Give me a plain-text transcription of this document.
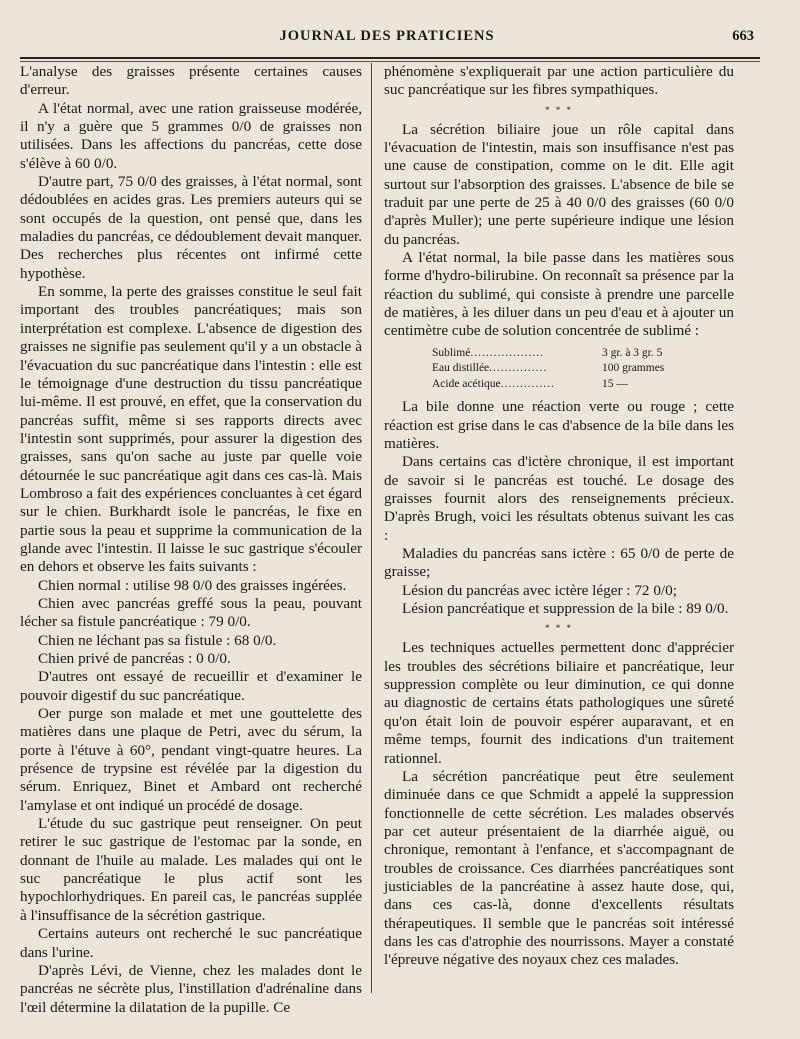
JOURNAL DES PRATICIENS	663

L'analyse des graisses présente certaines causes d'erreur.

A l'état normal, avec une ration graisseuse modérée, il n'y a guère que 5 grammes 0/0 de graisses non utilisées. Dans les affections du pancréas, cette dose s'élève à 60 0/0.

D'autre part, 75 0/0 des graisses, à l'état normal, sont dédoublées en acides gras. Les premiers auteurs qui se sont occupés de la question, ont pensé que, dans les maladies du pancréas, ce dédoublement devait manquer. Des recherches plus récentes ont infirmé cette hypothèse.

En somme, la perte des graisses constitue le seul fait important des troubles pancréatiques; mais son interprétation est complexe. L'absence de digestion des graisses ne signifie pas seulement qu'il y a un obstacle à l'évacuation du suc pancréatique dans l'intestin : elle est le témoignage d'une destruction du tissu pancréatique lui-même. Il est prouvé, en effet, que la conservation du pancréas suffit, même si ses rapports directs avec l'intestin sont supprimés, pour assurer la digestion des graisses, sans qu'on sache au juste par quelle voie détournée le suc pancréatique agit dans ces cas-là. Mais Lombroso a fait des expériences concluantes à cet égard sur le chien. Burkhardt isole le pancréas, le fixe en partie sous la peau et supprime la communication de la glande avec l'intestin. Il laisse le suc gastrique s'écouler en dehors et observe les faits suivants :

Chien normal : utilise 98 0/0 des graisses ingérées.

Chien avec pancréas greffé sous la peau, pouvant lécher sa fistule pancréatique : 79 0/0.

Chien ne léchant pas sa fistule : 68 0/0.

Chien privé de pancréas : 0 0/0.

D'autres ont essayé de recueillir et d'examiner le pouvoir digestif du suc pancréatique.

Oer purge son malade et met une gouttelette des matières dans une plaque de Petri, avec du sérum, la porte à l'étuve à 60°, pendant vingt-quatre heures. La présence de trypsine est révélée par la digestion du sérum. Enriquez, Binet et Ambard ont recherché l'amylase et ont indiqué un procédé de dosage.

L'étude du suc gastrique peut renseigner. On peut retirer le suc gastrique de l'estomac par la sonde, en donnant de l'huile au malade. Les malades qui ont le suc pancréatique le plus actif sont les hypochlorhydriques. En pareil cas, le pancréas supplée à l'insuffisance de la sécrétion gastrique.

Certains auteurs ont recherché le suc pancréatique dans l'urine.

D'après Lévi, de Vienne, chez les malades dont le pancréas ne sécrète plus, l'instillation d'adrénaline dans l'œil détermine la dilatation de la pupille. Ce

phénomène s'expliquerait par une action particulière du suc pancréatique sur les fibres sympathiques.

* * *

La sécrétion biliaire joue un rôle capital dans l'évacuation de l'intestin, mais son insuffisance n'est pas une cause de constipation, comme on le dit. Elle agit surtout sur l'absorption des graisses. L'absence de bile se traduit par une perte de 25 à 40 0/0 des graisses (60 0/0 d'après Muller); une perte supérieure indique une lésion du pancréas.

A l'état normal, la bile passe dans les matières sous forme d'hydro-bilirubine. On reconnaît sa présence par la réaction du sublimé, qui consiste à prendre une parcelle de matières, à les diluer dans un peu d'eau et à ajouter un centimètre cube de solution concentrée de sublimé :

Sublimé...................	3 gr. à 3 gr. 5
Eau distillée...............	100 grammes
Acide acétique..............	15 —

La bile donne une réaction verte ou rouge ; cette réaction est grise dans le cas d'absence de la bile dans les matières.

Dans certains cas d'ictère chronique, il est important de savoir si le pancréas est touché. Le dosage des graisses fournit alors des renseignements précieux. D'après Brugh, voici les résultats obtenus suivant les cas :

Maladies du pancréas sans ictère : 65 0/0 de perte de graisse;

Lésion du pancréas avec ictère léger : 72 0/0;

Lésion pancréatique et suppression de la bile : 89 0/0.

* * *

Les techniques actuelles permettent donc d'apprécier les troubles des sécrétions biliaire et pancréatique, leur suppression complète ou leur diminution, ce qui donne au diagnostic de certains états pathologiques une sûreté qu'on était loin de pouvoir espérer auparavant, et en même temps, fournit des indications d'un traitement rationnel.

La sécrétion pancréatique peut être seulement diminuée dans ce que Schmidt a appelé la suppression fonctionnelle de cette sécrétion. Les malades observés par cet auteur présentaient de la diarrhée aiguë, ou chronique, remontant à l'enfance, et s'accompagnant de troubles de croissance. Ces diarrhées pancréatiques sont justiciables de la pancréatine à assez haute dose, qui, dans ces cas-là, donne d'excellents résultats thérapeutiques. Il semble que le pancréas soit intéressé dans les cas d'atrophie des nourrissons. Mayer a constaté l'épreuve négative des noyaux chez ces malades.
